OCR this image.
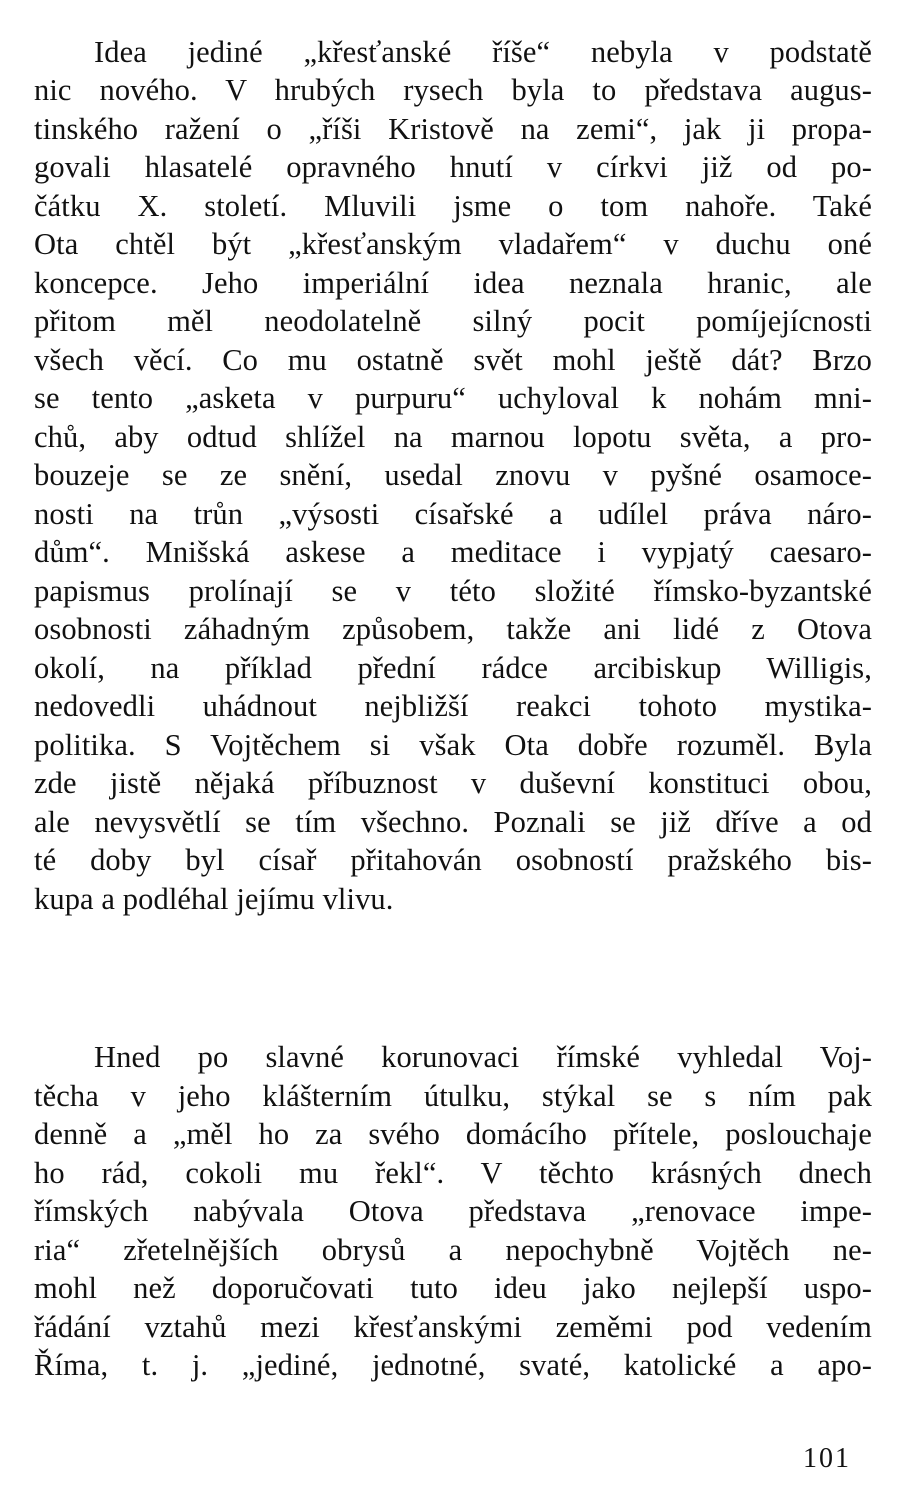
Idea jediné „křesťanské říše“ nebyla v podstatě
nic nového. V hrubých rysech byla to představa augus-
tinského ražení o „říši Kristově na zemi“, jak ji propa-
govali hlasatelé opravného hnutí v církvi již od po-
čátku X. století. Mluvili jsme o tom nahoře. Také
Ota chtěl být „křesťanským vladařem“ v duchu oné
koncepce. Jeho imperiální idea neznala hranic, ale
přitom měl neodolatelně silný pocit pomíjejícnosti
všech věcí. Co mu ostatně svět mohl ještě dát? Brzo
se tento „asketa v purpuru“ uchyloval k nohám mni-
chů, aby odtud shlížel na marnou lopotu světa, a pro-
bouzeje se ze snění, usedal znovu v pyšné osamoce-
nosti na trůn „výsosti císařské a udílel práva náro-
dům“. Mnišská askese a meditace i vypjatý caesaro-
papismus prolínají se v této složité římsko-byzantské
osobnosti záhadným způsobem, takže ani lidé z Otova
okolí, na příklad přední rádce arcibiskup Willigis,
nedovedli uhádnout nejbližší reakci tohoto mystika-
politika. S Vojtěchem si však Ota dobře rozuměl. Byla
zde jistě nějaká příbuznost v duševní konstituci obou,
ale nevysvětlí se tím všechno. Poznali se již dříve a od
té doby byl císař přitahován osobností pražského bis-
kupa a podléhal jejímu vlivu.
Hned po slavné korunovaci římské vyhledal Voj-
těcha v jeho klášterním útulku, stýkal se s ním pak
denně a „měl ho za svého domácího přítele, poslouchaje
ho rád, cokoli mu řekl“. V těchto krásných dnech
římských nabývala Otova představa „renovace impe-
ria“ zřetelnějších obrysů a nepochybně Vojtěch ne-
mohl než doporučovati tuto ideu jako nejlepší uspo-
řádání vztahů mezi křesťanskými zeměmi pod vedením
Říma, t. j. „jediné, jednotné, svaté, katolické a apo-
101
